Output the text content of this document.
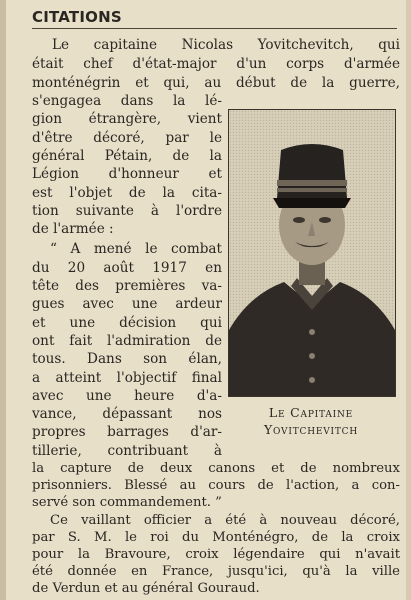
CITATIONS
Le capitaine Nicolas Yovitchevitch, qui
était chef d'état-major d'un corps d'armée
monténégrin et qui, au début de la guerre,
s'engagea dans la lé-
gion étrangère, vient
d'être décoré, par le
général Pétain, de la
Légion d'honneur et
est l'objet de la cita-
tion suivante à l'ordre
de l'armée :
“ A mené le combat
du 20 août 1917 en
tête des premières va-
gues avec une ardeur
et une décision qui
ont fait l'admiration de
tous. Dans son élan,
a atteint l'objectif final
avec une heure d'a-
vance, dépassant nos
propres barrages d'ar-
tillerie, contribuant à
Le Capitaine
Yovitchevitch
la capture de deux canons et de nombreux
prisonniers. Blessé au cours de l'action, a con-
servé son commandement. ”
Ce vaillant officier a été à nouveau décoré,
par S. M. le roi du Monténégro, de la croix
pour la Bravoure, croix légendaire qui n'avait
été donnée en France, jusqu'ici, qu'à la ville
de Verdun et au général Gouraud.
